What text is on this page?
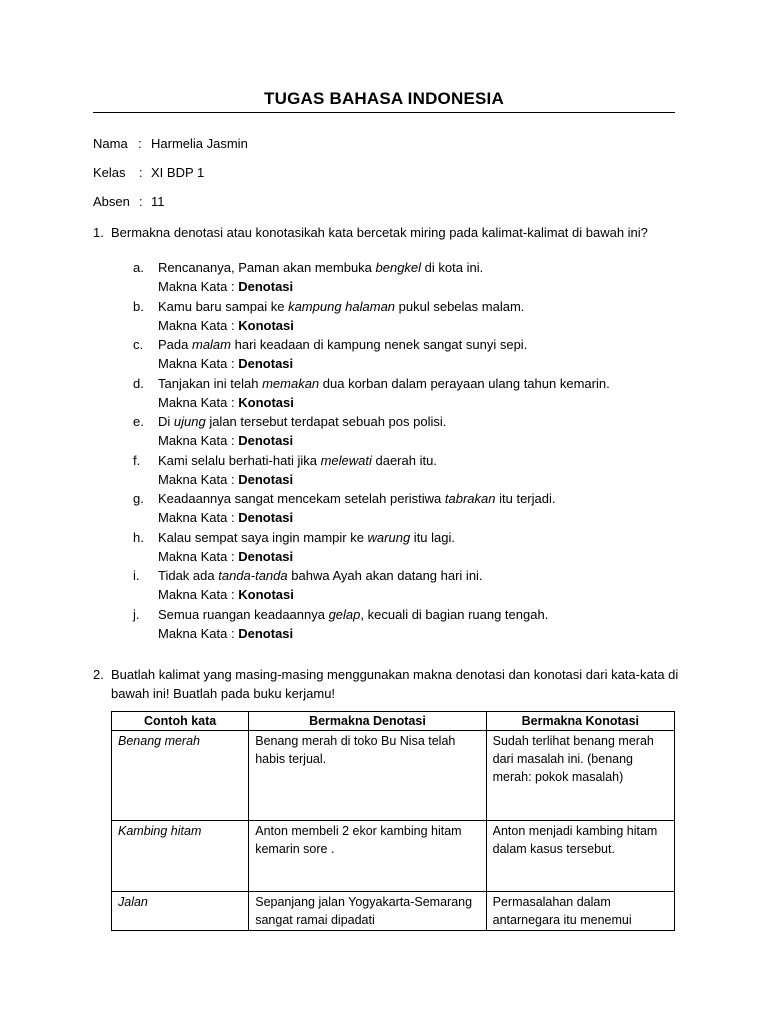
TUGAS BAHASA INDONESIA
Nama : Harmelia Jasmin
Kelas : XI BDP 1
Absen : 11
1. Bermakna denotasi atau konotasikah kata bercetak miring pada kalimat-kalimat di bawah ini?
a. Rencananya, Paman akan membuka bengkel di kota ini.
Makna Kata : Denotasi
b. Kamu baru sampai ke kampung halaman pukul sebelas malam.
Makna Kata : Konotasi
c. Pada malam hari keadaan di kampung nenek sangat sunyi sepi.
Makna Kata : Denotasi
d. Tanjakan ini telah memakan dua korban dalam perayaan ulang tahun kemarin.
Makna Kata : Konotasi
e. Di ujung jalan tersebut terdapat sebuah pos polisi.
Makna Kata : Denotasi
f. Kami selalu berhati-hati jika melewati daerah itu.
Makna Kata : Denotasi
g. Keadaannya sangat mencekam setelah peristiwa tabrakan itu terjadi.
Makna Kata : Denotasi
h. Kalau sempat saya ingin mampir ke warung itu lagi.
Makna Kata : Denotasi
i. Tidak ada tanda-tanda bahwa Ayah akan datang hari ini.
Makna Kata : Konotasi
j. Semua ruangan keadaannya gelap, kecuali di bagian ruang tengah.
Makna Kata : Denotasi
2. Buatlah kalimat yang masing-masing menggunakan makna denotasi dan konotasi dari kata-kata di bawah ini! Buatlah pada buku kerjamu!
Contoh kata	Bermakna Denotasi	Bermakna Konotasi
Benang merah	Benang merah di toko Bu Nisa telah habis terjual.	Sudah terlihat benang merah dari masalah ini. (benang merah: pokok masalah)
Kambing hitam	Anton membeli 2 ekor kambing hitam kemarin sore .	Anton menjadi kambing hitam dalam kasus tersebut.
Jalan	Sepanjang jalan Yogyakarta-Semarang sangat ramai dipadati	Permasalahan dalam antarnegara itu menemui
